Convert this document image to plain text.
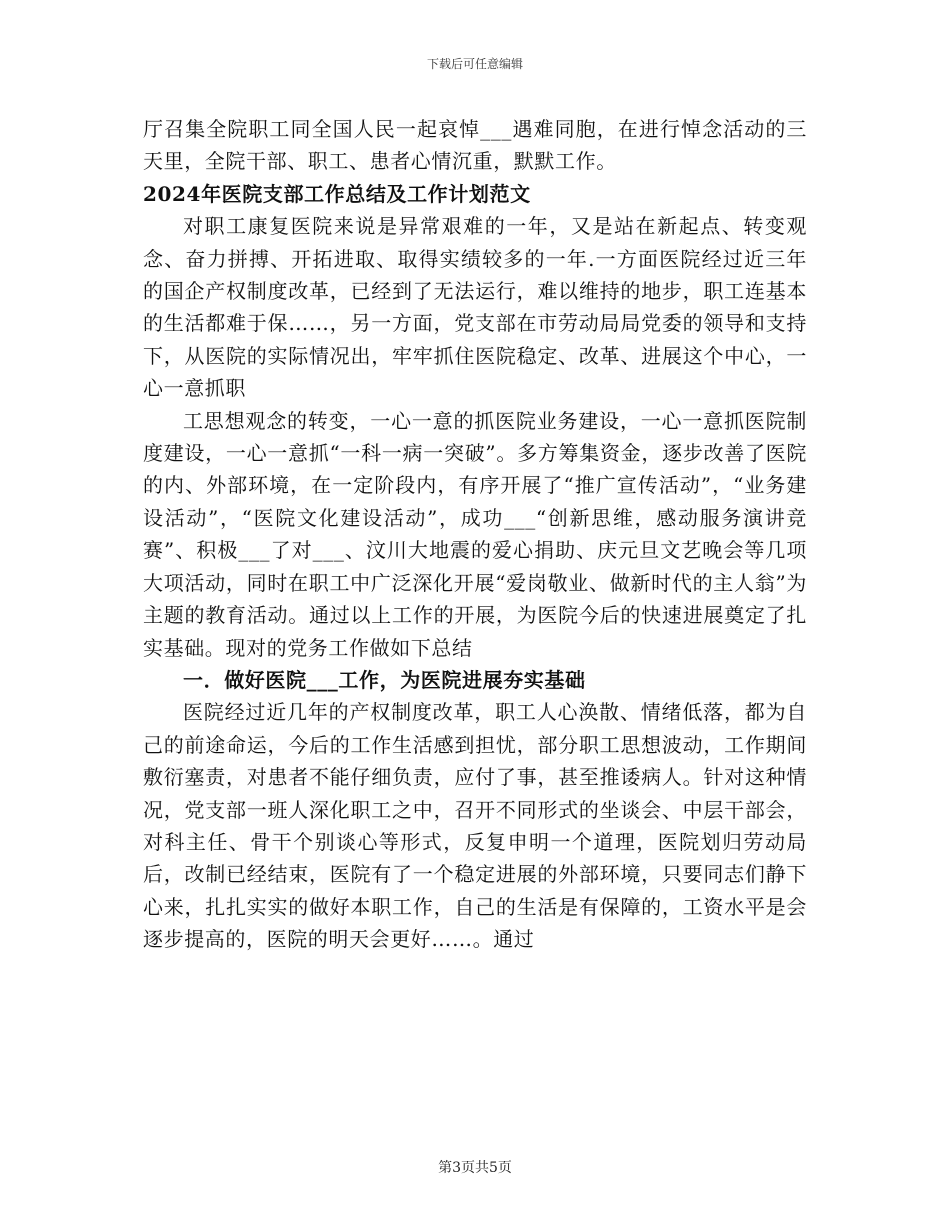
下载后可任意编辑

厅召集全院职工同全国人民一起哀悼___遇难同胞，在进行悼念活动的三天里，全院干部、职工、患者心情沉重，默默工作。

2024年医院支部工作总结及工作计划范文

对职工康复医院来说是异常艰难的一年，又是站在新起点、转变观念、奋力拼搏、开拓进取、取得实绩较多的一年.一方面医院经过近三年的国企产权制度改革，已经到了无法运行，难以维持的地步，职工连基本的生活都难于保……，另一方面，党支部在市劳动局局党委的领导和支持下，从医院的实际情况出，牢牢抓住医院稳定、改革、进展这个中心，一心一意抓职

工思想观念的转变，一心一意的抓医院业务建设，一心一意抓医院制度建设，一心一意抓“一科一病一突破”。多方筹集资金，逐步改善了医院的内、外部环境，在一定阶段内，有序开展了“推广宣传活动”，“业务建设活动”，“医院文化建设活动”，成功___“创新思维，感动服务演讲竞赛”、积极___了对___、汶川大地震的爱心捐助、庆元旦文艺晚会等几项大项活动，同时在职工中广泛深化开展“爱岗敬业、做新时代的主人翁”为主题的教育活动。通过以上工作的开展，为医院今后的快速进展奠定了扎实基础。现对的党务工作做如下总结

一．做好医院___工作，为医院进展夯实基础

医院经过近几年的产权制度改革，职工人心涣散、情绪低落，都为自己的前途命运，今后的工作生活感到担忧，部分职工思想波动，工作期间敷衍塞责，对患者不能仔细负责，应付了事，甚至推诿病人。针对这种情况，党支部一班人深化职工之中，召开不同形式的坐谈会、中层干部会，对科主任、骨干个别谈心等形式，反复申明一个道理，医院划归劳动局后，改制已经结束，医院有了一个稳定进展的外部环境，只要同志们静下心来，扎扎实实的做好本职工作，自己的生活是有保障的，工资水平是会逐步提高的，医院的明天会更好……。通过

第3页共5页
